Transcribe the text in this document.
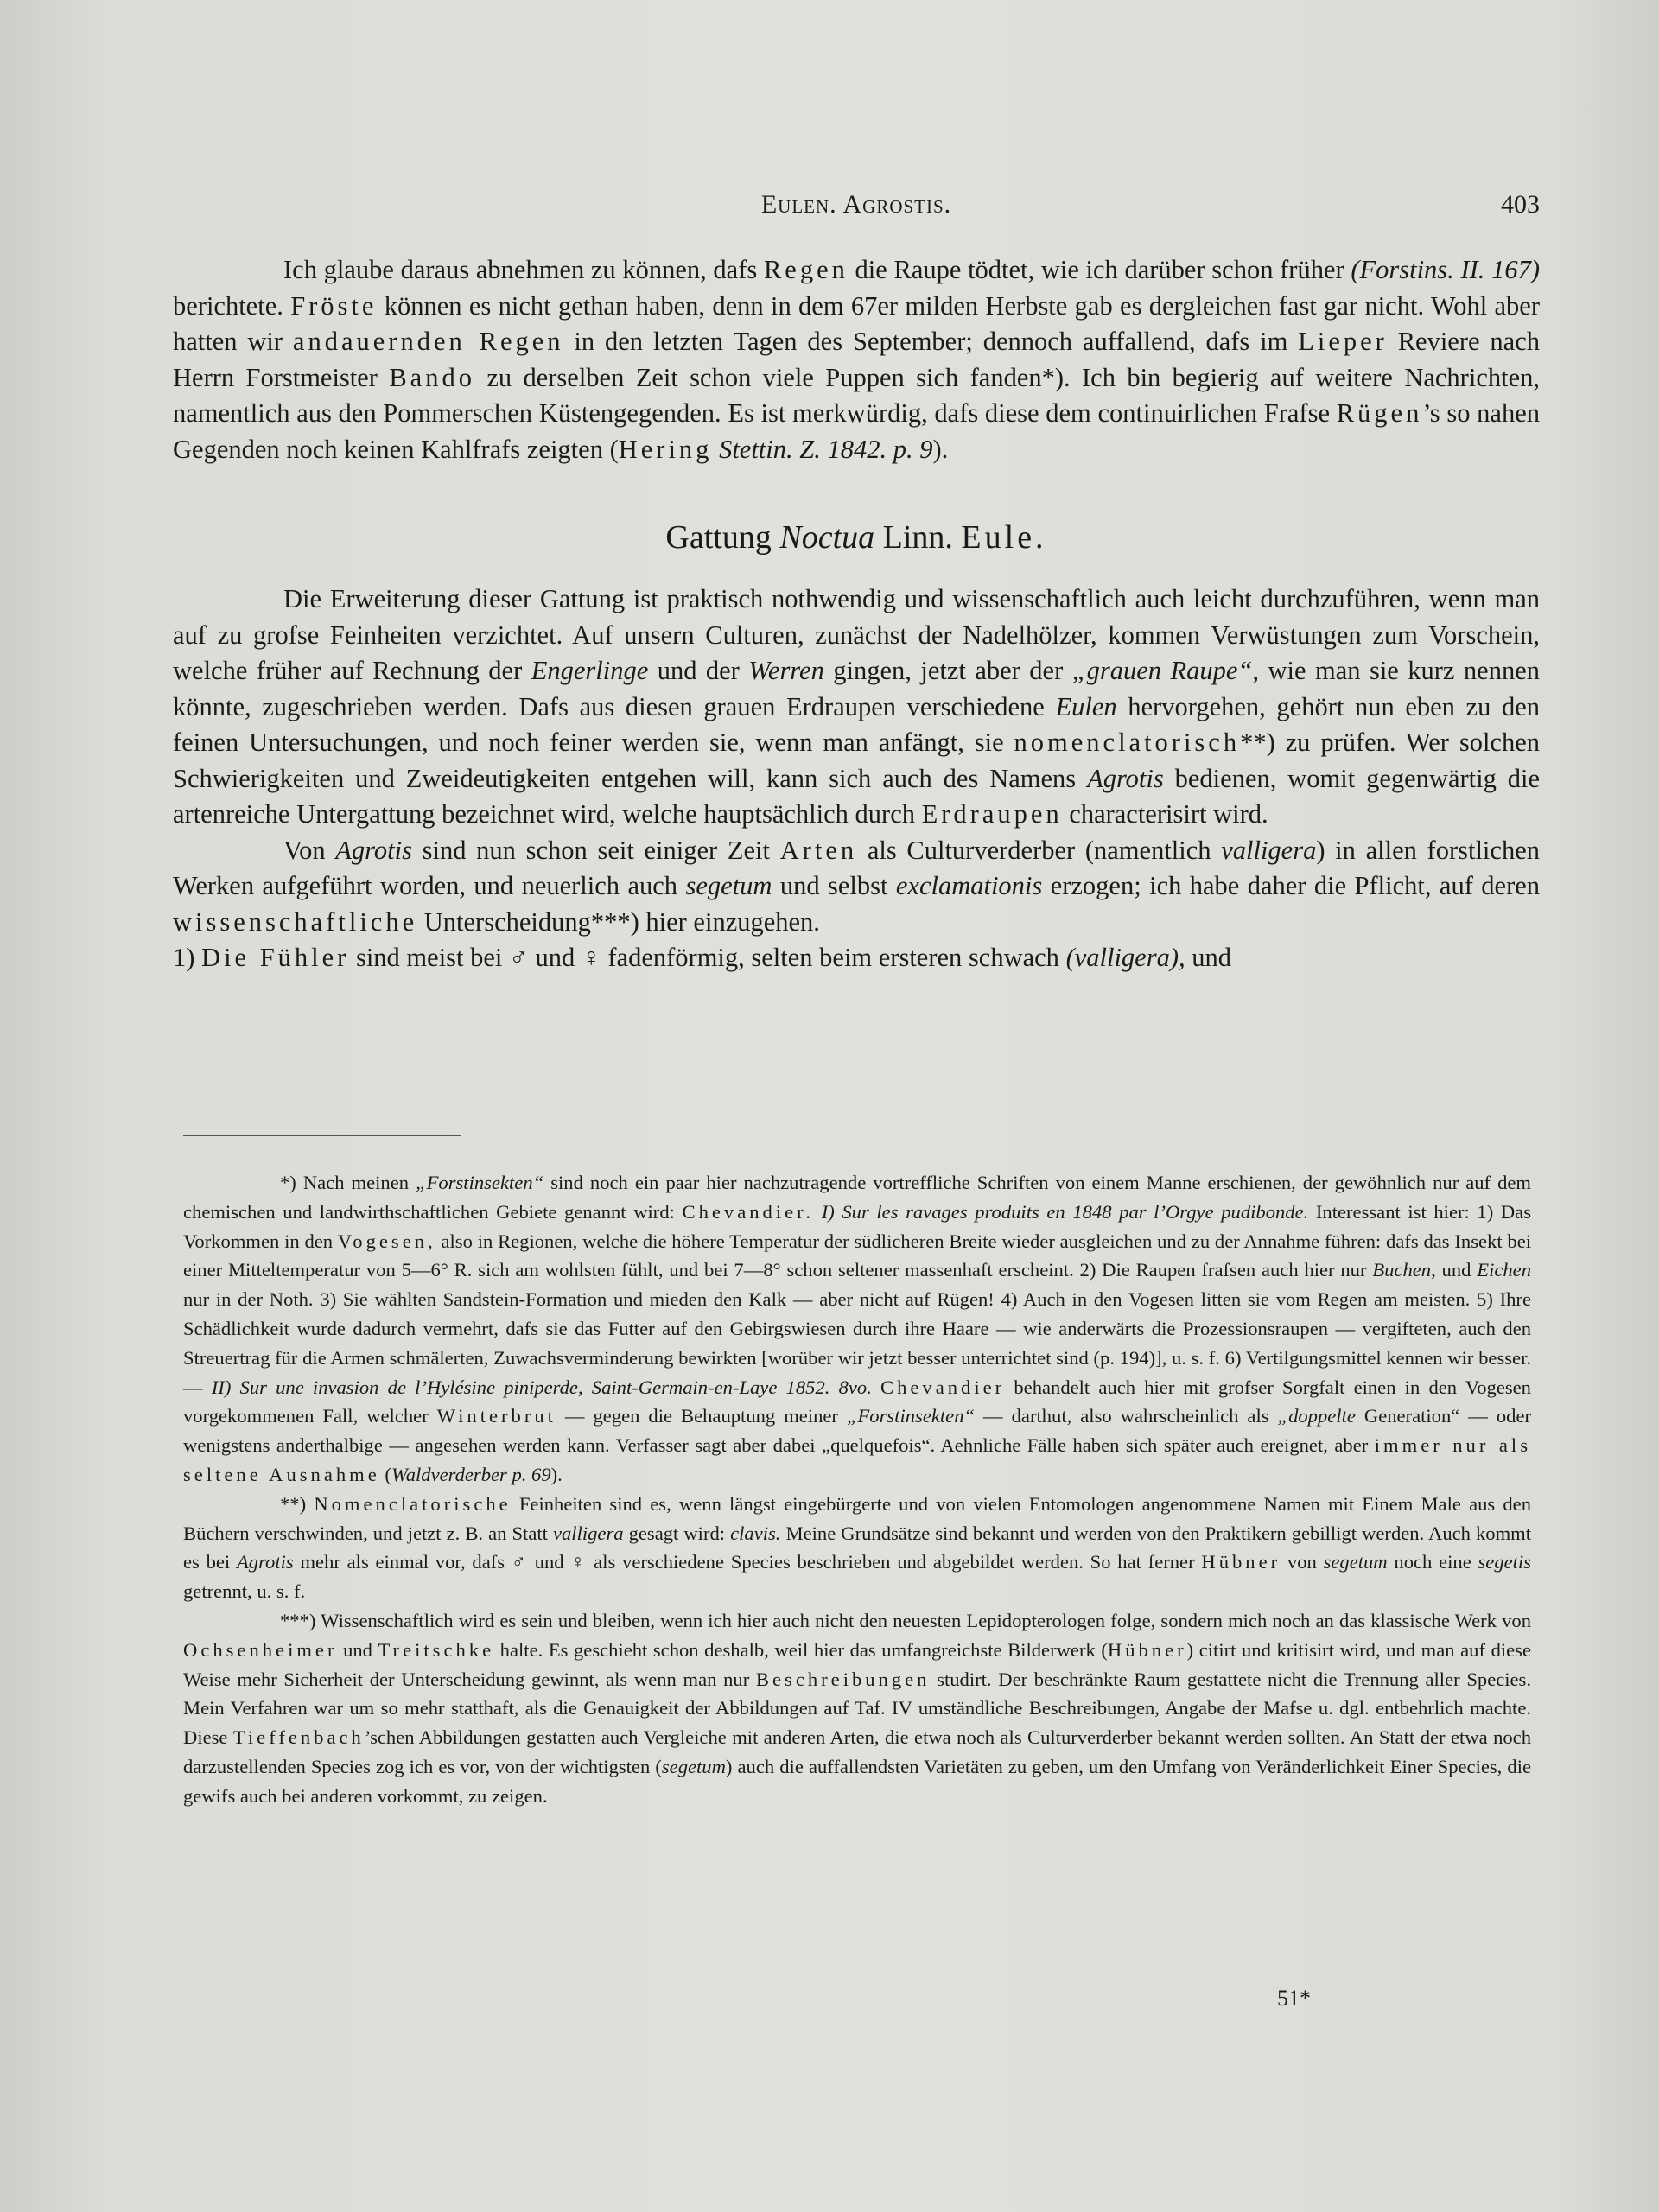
Eulen. Agrostis.	403

Ich glaube daraus abnehmen zu können, dafs Regen die Raupe tödtet, wie ich darüber schon früher (Forstins. II. 167) berichtete. Fröste können es nicht gethan haben, denn in dem 67er milden Herbste gab es dergleichen fast gar nicht. Wohl aber hatten wir andauernden Regen in den letzten Tagen des September; dennoch auffallend, dafs im Lieper Reviere nach Herrn Forstmeister Bando zu derselben Zeit schon viele Puppen sich fanden*). Ich bin begierig auf weitere Nachrichten, namentlich aus den Pommerschen Küstengegenden. Es ist merkwürdig, dafs diese dem continuirlichen Frafse Rügen’s so nahen Gegenden noch keinen Kahlfrafs zeigten (Hering Stettin. Z. 1842. p. 9).

Gattung Noctua Linn. Eule.

Die Erweiterung dieser Gattung ist praktisch nothwendig und wissenschaftlich auch leicht durchzuführen, wenn man auf zu grofse Feinheiten verzichtet. Auf unsern Culturen, zunächst der Nadelhölzer, kommen Verwüstungen zum Vorschein, welche früher auf Rechnung der Engerlinge und der Werren gingen, jetzt aber der „grauen Raupe“, wie man sie kurz nennen könnte, zugeschrieben werden. Dafs aus diesen grauen Erdraupen verschiedene Eulen hervorgehen, gehört nun eben zu den feinen Untersuchungen, und noch feiner werden sie, wenn man anfängt, sie nomenclatorisch**) zu prüfen. Wer solchen Schwierigkeiten und Zweideutigkeiten entgehen will, kann sich auch des Namens Agrotis bedienen, womit gegenwärtig die artenreiche Untergattung bezeichnet wird, welche hauptsächlich durch Erdraupen characterisirt wird.

Von Agrotis sind nun schon seit einiger Zeit Arten als Culturverderber (namentlich valligera) in allen forstlichen Werken aufgeführt worden, und neuerlich auch segetum und selbst exclamationis erzogen; ich habe daher die Pflicht, auf deren wissenschaftliche Unterscheidung***) hier einzugehen.

1) Die Fühler sind meist bei ♂ und ♀ fadenförmig, selten beim ersteren schwach (valligera), und

*) Nach meinen „Forstinsekten“ sind noch ein paar hier nachzutragende vortreffliche Schriften von einem Manne erschienen, der gewöhnlich nur auf dem chemischen und landwirthschaftlichen Gebiete genannt wird: Chevandier. I) Sur les ravages produits en 1848 par l’Orgye pudibonde. Interessant ist hier: 1) Das Vorkommen in den Vogesen, also in Regionen, welche die höhere Temperatur der südlicheren Breite wieder ausgleichen und zu der Annahme führen: dafs das Insekt bei einer Mitteltemperatur von 5—6° R. sich am wohlsten fühlt, und bei 7—8° schon seltener massenhaft erscheint. 2) Die Raupen frafsen auch hier nur Buchen, und Eichen nur in der Noth. 3) Sie wählten Sandstein-Formation und mieden den Kalk — aber nicht auf Rügen! 4) Auch in den Vogesen litten sie vom Regen am meisten. 5) Ihre Schädlichkeit wurde dadurch vermehrt, dafs sie das Futter auf den Gebirgswiesen durch ihre Haare — wie anderwärts die Prozessionsraupen — vergifteten, auch den Streuertrag für die Armen schmälerten, Zuwachsverminderung bewirkten [worüber wir jetzt besser unterrichtet sind (p. 194)], u. s. f. 6) Vertilgungsmittel kennen wir besser. — II) Sur une invasion de l’Hylésine piniperde, Saint-Germain-en-Laye 1852. 8vo. Chevandier behandelt auch hier mit grofser Sorgfalt einen in den Vogesen vorgekommenen Fall, welcher Winterbrut — gegen die Behauptung meiner „Forstinsekten“ — darthut, also wahrscheinlich als „doppelte Generation“ — oder wenigstens anderthalbige — angesehen werden kann. Verfasser sagt aber dabei „quelquefois“. Aehnliche Fälle haben sich später auch ereignet, aber immer nur als seltene Ausnahme (Waldverderber p. 69).

**) Nomenclatorische Feinheiten sind es, wenn längst eingebürgerte und von vielen Entomologen angenommene Namen mit Einem Male aus den Büchern verschwinden, und jetzt z. B. an Statt valligera gesagt wird: clavis. Meine Grundsätze sind bekannt und werden von den Praktikern gebilligt werden. Auch kommt es bei Agrotis mehr als einmal vor, dafs ♂ und ♀ als verschiedene Species beschrieben und abgebildet werden. So hat ferner Hübner von segetum noch eine segetis getrennt, u. s. f.

***) Wissenschaftlich wird es sein und bleiben, wenn ich hier auch nicht den neuesten Lepidopterologen folge, sondern mich noch an das klassische Werk von Ochsenheimer und Treitschke halte. Es geschieht schon deshalb, weil hier das umfangreichste Bilderwerk (Hübner) citirt und kritisirt wird, und man auf diese Weise mehr Sicherheit der Unterscheidung gewinnt, als wenn man nur Beschreibungen studirt. Der beschränkte Raum gestattete nicht die Trennung aller Species. Mein Verfahren war um so mehr statthaft, als die Genauigkeit der Abbildungen auf Taf. IV umständliche Beschreibungen, Angabe der Mafse u. dgl. entbehrlich machte. Diese Tieffenbach’schen Abbildungen gestatten auch Vergleiche mit anderen Arten, die etwa noch als Culturverderber bekannt werden sollten. An Statt der etwa noch darzustellenden Species zog ich es vor, von der wichtigsten (segetum) auch die auffallendsten Varietäten zu geben, um den Umfang von Veränderlichkeit Einer Species, die gewifs auch bei anderen vorkommt, zu zeigen.

51*
